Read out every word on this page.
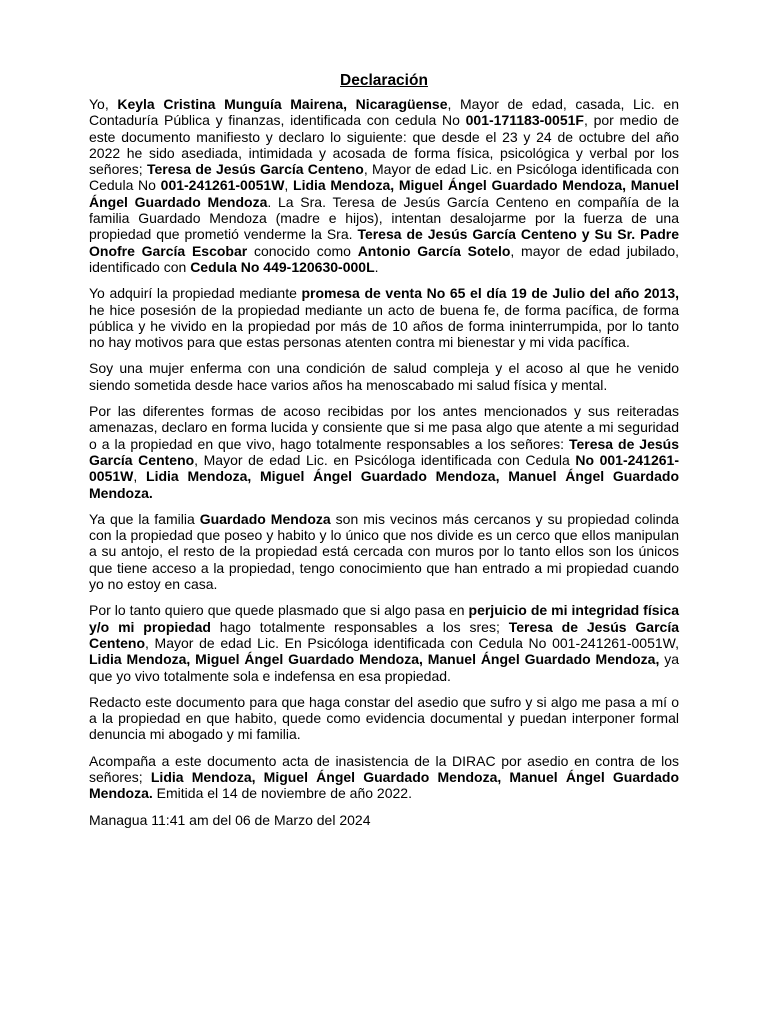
Declaración

Yo, Keyla Cristina Munguía Mairena, Nicaragüense, Mayor de edad, casada, Lic. en Contaduría Pública y finanzas, identificada con cedula No 001-171183-0051F, por medio de este documento manifiesto y declaro lo siguiente: que desde el 23 y 24 de octubre del año 2022 he sido asediada, intimidada y acosada de forma física, psicológica y verbal por los señores; Teresa de Jesús García Centeno, Mayor de edad Lic. en Psicóloga identificada con Cedula No 001-241261-0051W, Lidia Mendoza, Miguel Ángel Guardado Mendoza, Manuel Ángel Guardado Mendoza. La Sra. Teresa de Jesús García Centeno en compañía de la familia Guardado Mendoza (madre e hijos), intentan desalojarme por la fuerza de una propiedad que prometió venderme la Sra. Teresa de Jesús García Centeno y Su Sr. Padre Onofre García Escobar conocido como Antonio García Sotelo, mayor de edad jubilado, identificado con Cedula No 449-120630-000L.

Yo adquirí la propiedad mediante promesa de venta No 65 el día 19 de Julio del año 2013, he hice posesión de la propiedad mediante un acto de buena fe, de forma pacífica, de forma pública y he vivido en la propiedad por más de 10 años de forma ininterrumpida, por lo tanto no hay motivos para que estas personas atenten contra mi bienestar y mi vida pacífica.

Soy una mujer enferma con una condición de salud compleja y el acoso al que he venido siendo sometida desde hace varios años ha menoscabado mi salud física y mental.

Por las diferentes formas de acoso recibidas por los antes mencionados y sus reiteradas amenazas, declaro en forma lucida y consiente que si me pasa algo que atente a mi seguridad o a la propiedad en que vivo, hago totalmente responsables a los señores: Teresa de Jesús García Centeno, Mayor de edad Lic. en Psicóloga identificada con Cedula No 001-241261-0051W, Lidia Mendoza, Miguel Ángel Guardado Mendoza, Manuel Ángel Guardado Mendoza.

Ya que la familia Guardado Mendoza son mis vecinos más cercanos y su propiedad colinda con la propiedad que poseo y habito y lo único que nos divide es un cerco que ellos manipulan a su antojo, el resto de la propiedad está cercada con muros por lo tanto ellos son los únicos que tiene acceso a la propiedad, tengo conocimiento que han entrado a mi propiedad cuando yo no estoy en casa.

Por lo tanto quiero que quede plasmado que si algo pasa en perjuicio de mi integridad física y/o mi propiedad hago totalmente responsables a los sres; Teresa de Jesús García Centeno, Mayor de edad Lic. En Psicóloga identificada con Cedula No 001-241261-0051W, Lidia Mendoza, Miguel Ángel Guardado Mendoza, Manuel Ángel Guardado Mendoza, ya que yo vivo totalmente sola e indefensa en esa propiedad.

Redacto este documento para que haga constar del asedio que sufro y si algo me pasa a mí o a la propiedad en que habito, quede como evidencia documental y puedan interponer formal denuncia mi abogado y mi familia.

Acompaña a este documento acta de inasistencia de la DIRAC por asedio en contra de los señores; Lidia Mendoza, Miguel Ángel Guardado Mendoza, Manuel Ángel Guardado Mendoza. Emitida el 14 de noviembre de año 2022.

Managua 11:41 am del 06 de Marzo del 2024
